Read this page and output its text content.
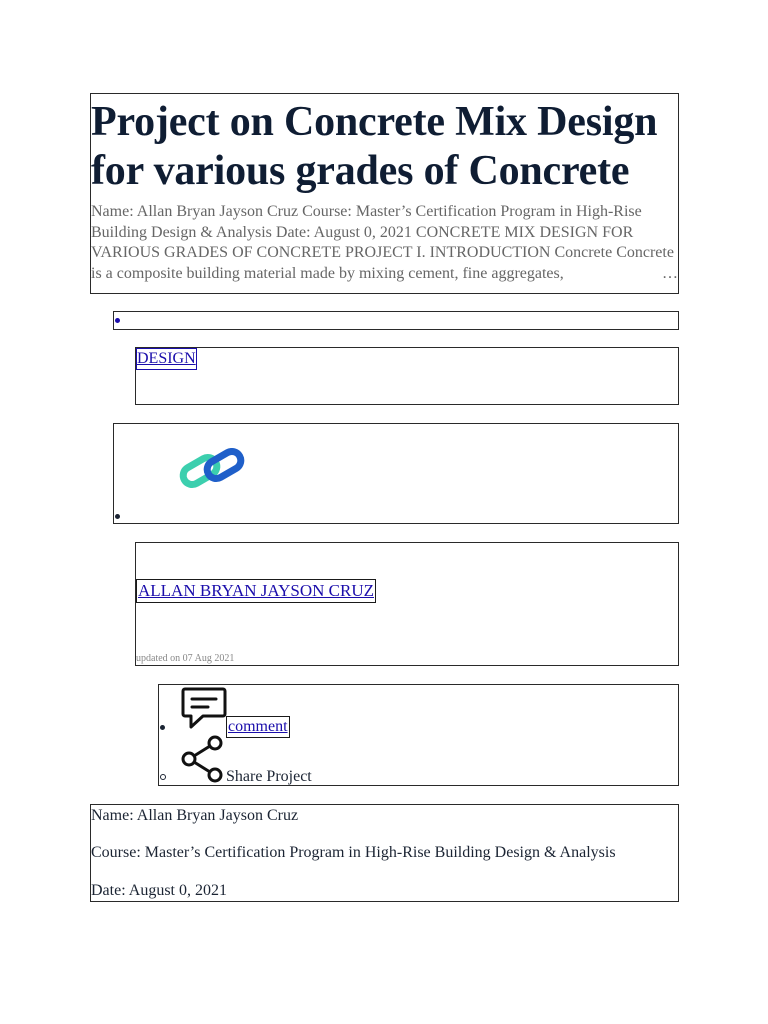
Project on Concrete Mix Design for various grades of Concrete

Name: Allan Bryan Jayson Cruz Course: Master’s Certification Program in High-Rise Building Design & Analysis Date: August 0, 2021 CONCRETE MIX DESIGN FOR VARIOUS GRADES OF CONCRETE PROJECT I. INTRODUCTION Concrete Concrete is a composite building material made by mixing cement, fine aggregates,	…

DESIGN
ALLAN BRYAN JAYSON CRUZ
updated on 07 Aug 2021
comment
Share Project
Name: Allan Bryan Jayson Cruz
Course: Master’s Certification Program in High-Rise Building Design & Analysis
Date: August 0, 2021
